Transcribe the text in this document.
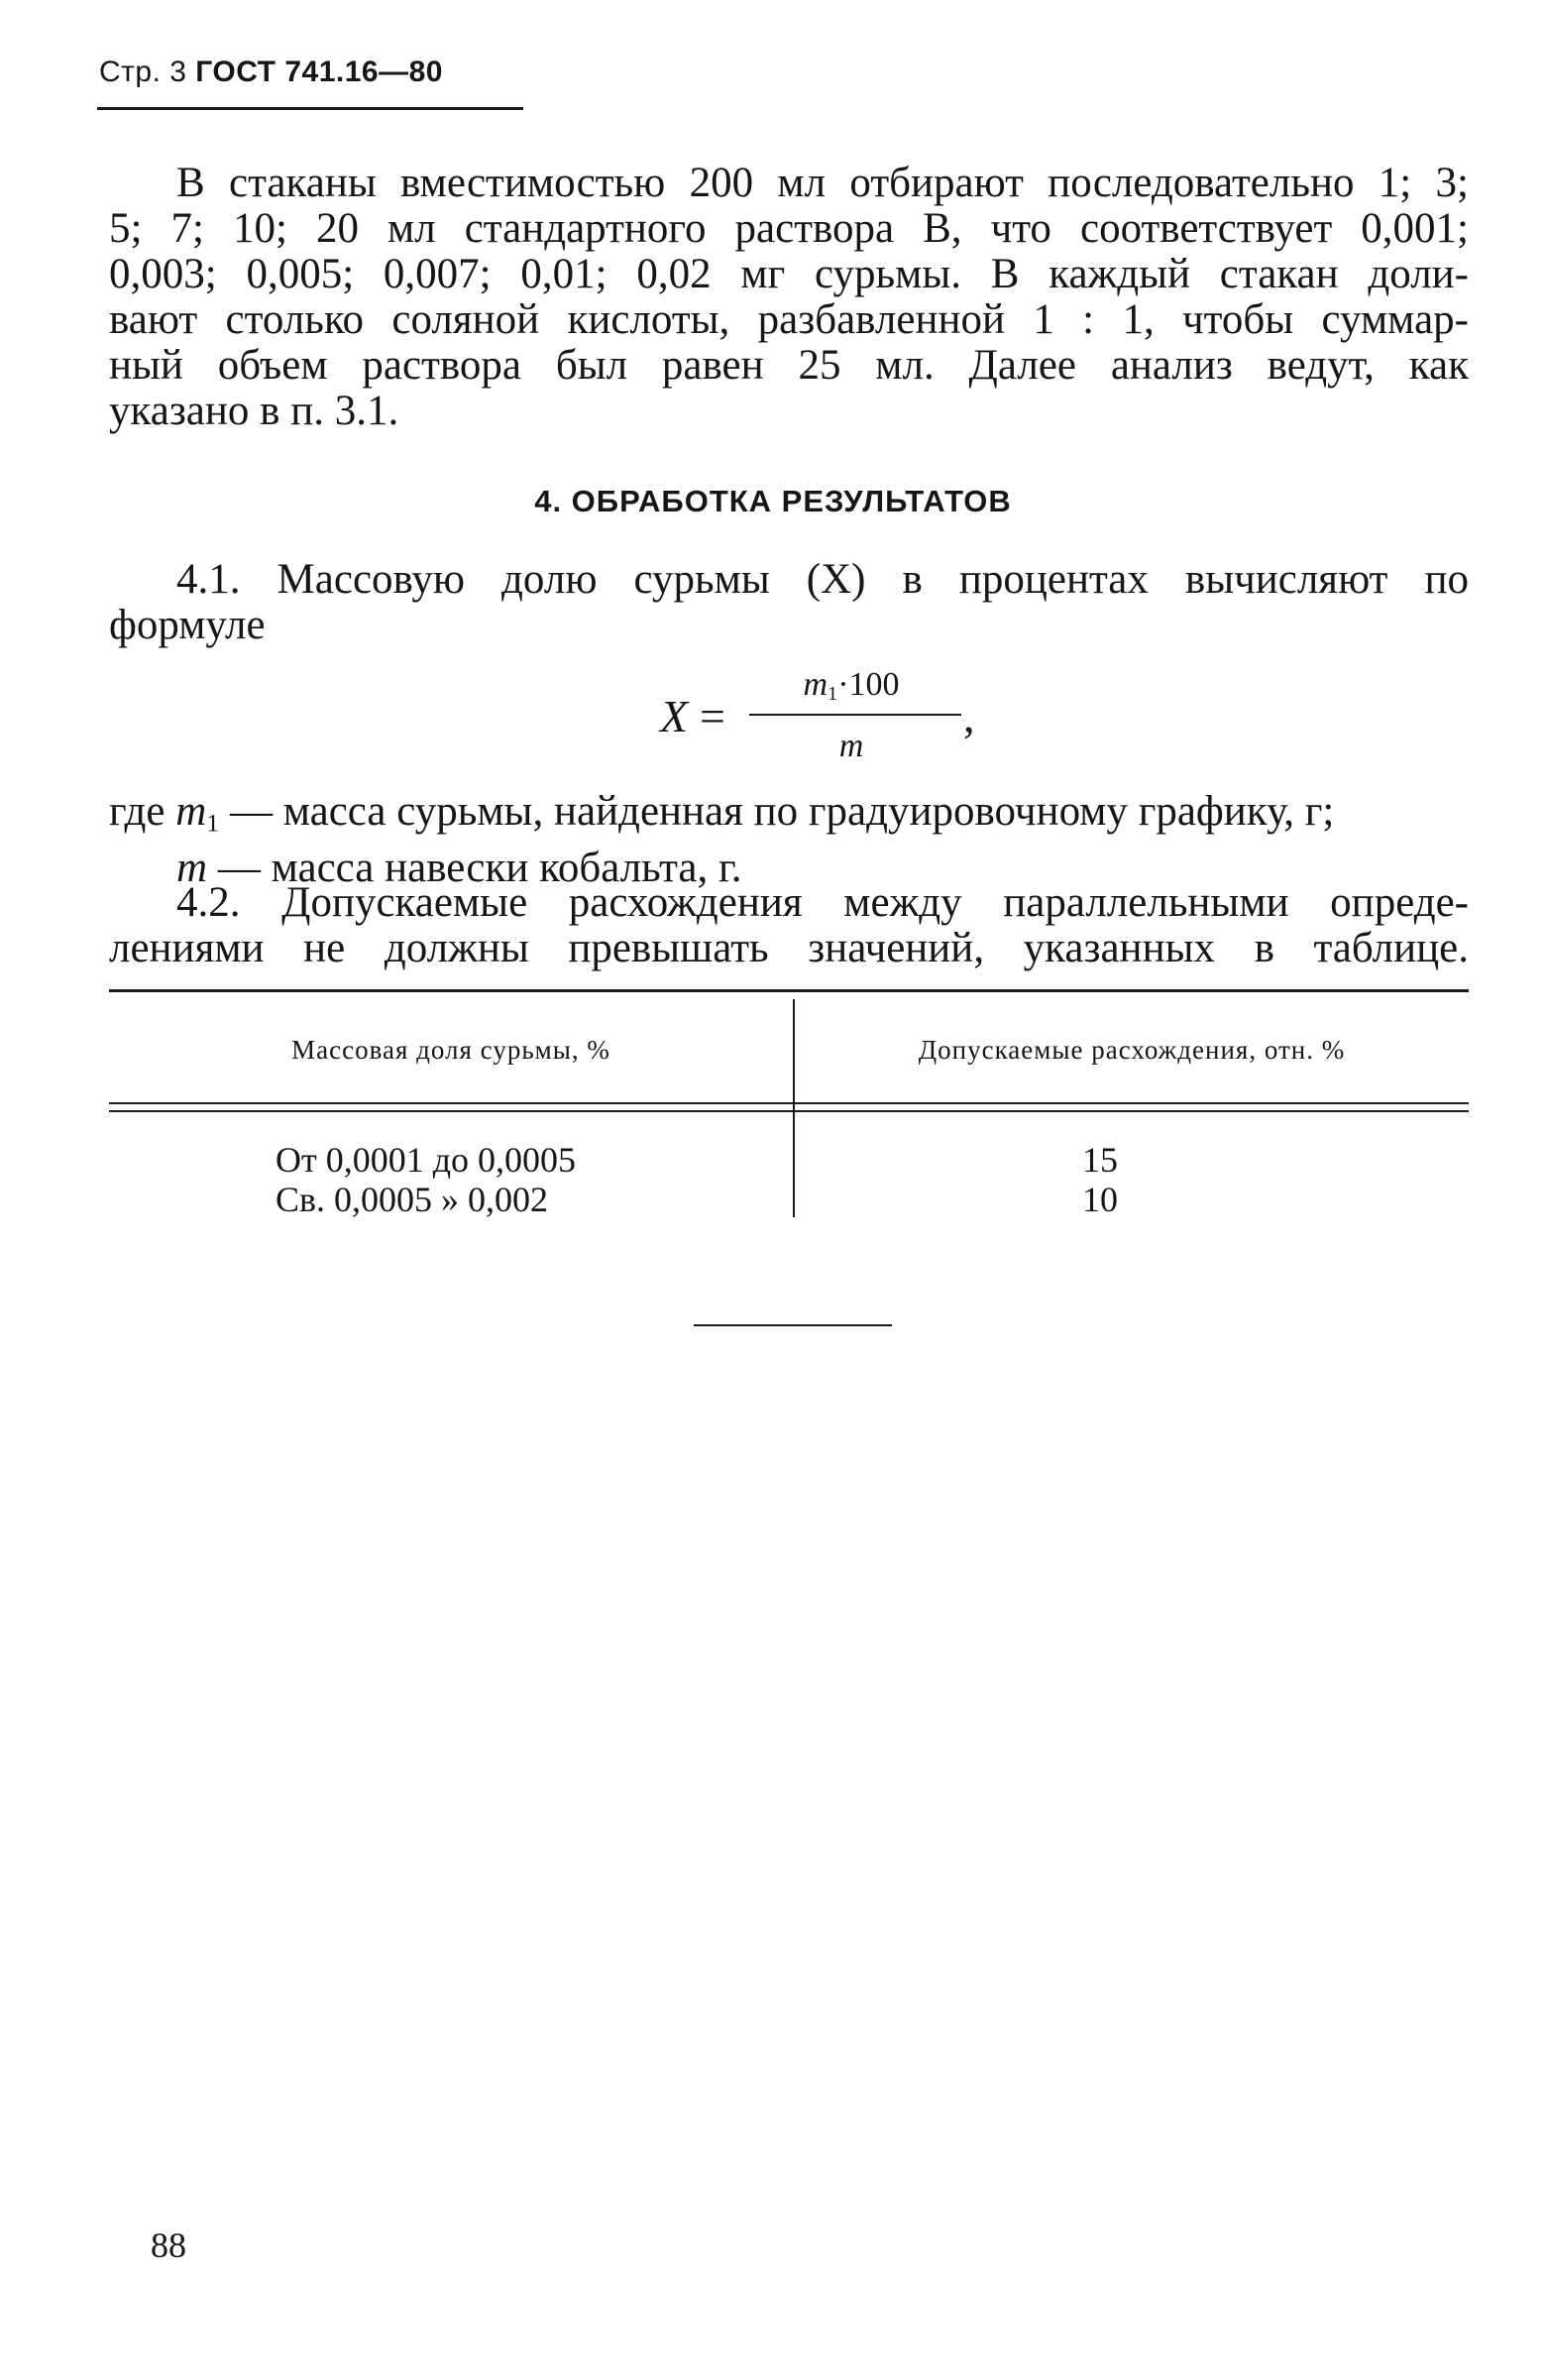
Стр. 3 ГОСТ 741.16—80
В стаканы вместимостью 200 мл отбирают последовательно 1; 3;
5; 7; 10; 20 мл стандартного раствора В, что соответствует 0,001;
0,003; 0,005; 0,007; 0,01; 0,02 мг сурьмы. В каждый стакан доли-
вают столько соляной кислоты, разбавленной 1 : 1, чтобы суммар-
ный объем раствора был равен 25 мл. Далее анализ ведут, как
указано в п. 3.1.
4. ОБРАБОТКА РЕЗУЛЬТАТОВ
4.1. Массовую долю сурьмы (X) в процентах вычисляют по
формуле
X =
$m_1\cdot 100$
m
,
где $m_1$ — масса сурьмы, найденная по градуировочному графику, г;
m — масса навески кобальта, г.
4.2. Допускаемые расхождения между параллельными опреде-
лениями не должны превышать значений, указанных в таблице.
Массовая доля сурьмы, %	Допускаемые расхождения, отн. %
От 0,0001 до 0,0005	15
Св. 0,0005 » 0,002	10
88
